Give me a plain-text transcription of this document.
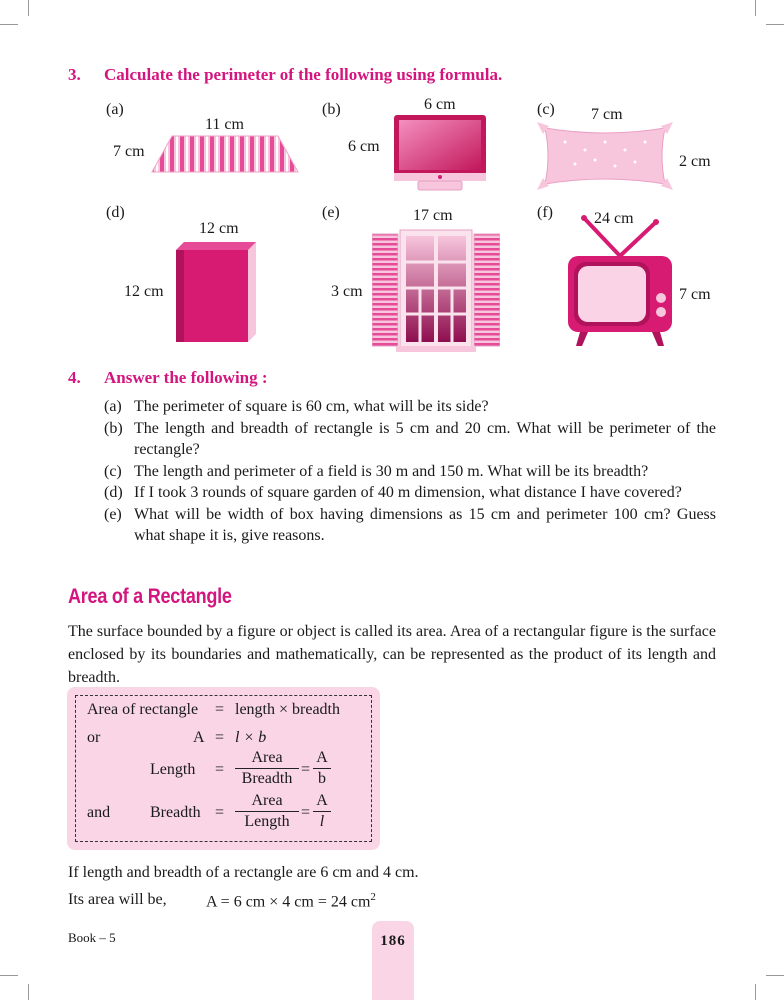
3. Calculate the perimeter of the following using formula.
(a)
11 cm
7 cm
(b)	6 cm
6 cm
(c) 7 cm
2 cm
(d)
12 cm
12 cm
(e)	17 cm
3 cm
(f)	24 cm
7 cm
4. Answer the following :
(a) The perimeter of square is 60 cm, what will be its side?
(b) The length and breadth of rectangle is 5 cm and 20 cm. What will be perimeter of the rectangle?
(c) The length and perimeter of a field is 30 m and 150 m. What will be its breadth?
(d) If I took 3 rounds of square garden of 40 m dimension, what distance I have covered?
(e) What will be width of box having dimensions as 15 cm and perimeter 100 cm? Guess what shape it is, give reasons.
Area of a Rectangle
The surface bounded by a figure or object is called its area. Area of a rectangular figure is the surface enclosed by its boundaries and mathematically, can be represented as the product of its length and breadth.
Area of rectangle = length × breadth
or	A = l × b
Length =
Area
Breadth
=
A
b
and Breadth =
Area
Length
=
A
l
If length and breadth of a rectangle are 6 cm and 4 cm.
Its area will be, A = 6 cm × 4 cm = 24 $cm^2$
Book – 5	186
